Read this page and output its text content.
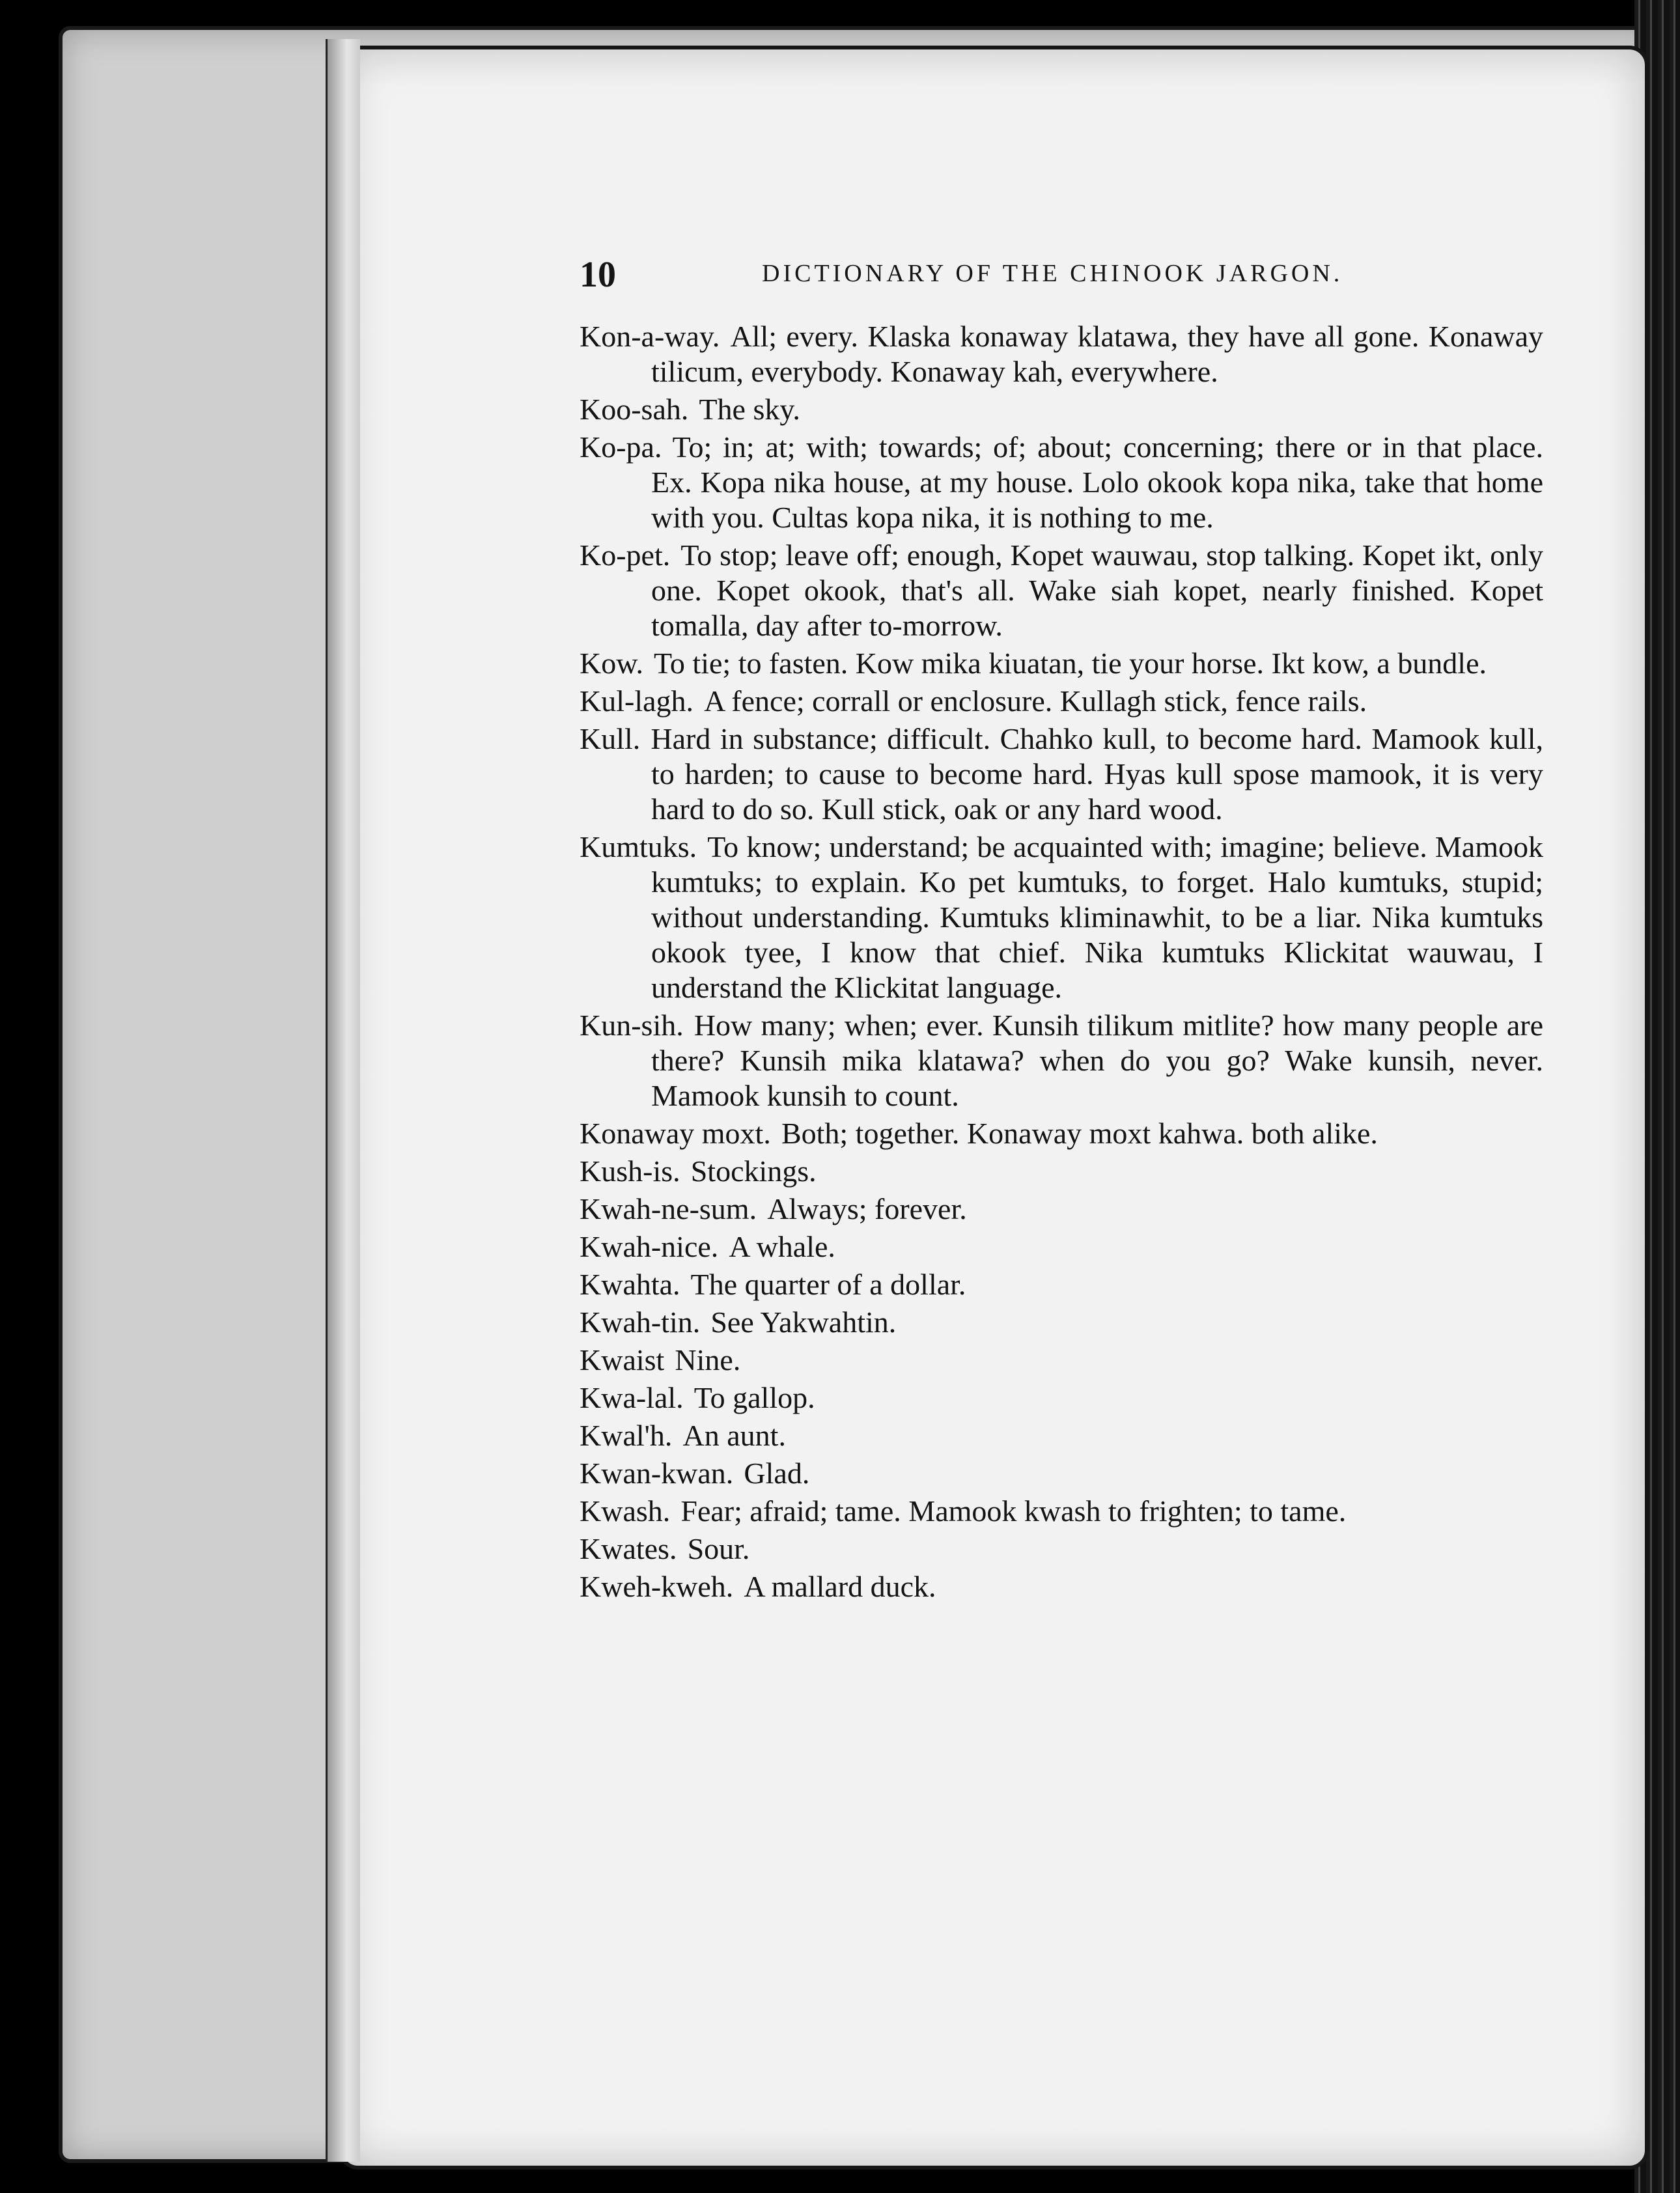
10	DICTIONARY OF THE CHINOOK JARGON.

Kon-a-way. All; every. Klaska konaway klatawa, they have all gone. Konaway tilicum, everybody. Konaway kah, everywhere.

Koo-sah. The sky.

Ko-pa. To; in; at; with; towards; of; about; concerning; there or in that place. Ex. Kopa nika house, at my house. Lolo okook kopa nika, take that home with you. Cultas kopa nika, it is nothing to me.

Ko-pet. To stop; leave off; enough, Kopet wauwau, stop talking. Kopet ikt, only one. Kopet okook, that's all. Wake siah kopet, nearly finished. Kopet tomalla, day after to-morrow.

Kow. To tie; to fasten. Kow mika kiuatan, tie your horse. Ikt kow, a bundle.

Kul-lagh. A fence; corrall or enclosure. Kullagh stick, fence rails.

Kull. Hard in substance; difficult. Chahko kull, to become hard. Mamook kull, to harden; to cause to become hard. Hyas kull spose mamook, it is very hard to do so. Kull stick, oak or any hard wood.

Kumtuks. To know; understand; be acquainted with; imagine; believe. Mamook kumtuks; to explain. Ko pet kumtuks, to forget. Halo kumtuks, stupid; without understanding. Kumtuks kliminawhit, to be a liar. Nika kumtuks okook tyee, I know that chief. Nika kumtuks Klickitat wauwau, I understand the Klickitat language.

Kun-sih. How many; when; ever. Kunsih tilikum mitlite? how many people are there? Kunsih mika klatawa? when do you go? Wake kunsih, never. Mamook kunsih to count.

Konaway moxt. Both; together. Konaway moxt kahwa. both alike.

Kush-is. Stockings.

Kwah-ne-sum. Always; forever.

Kwah-nice. A whale.

Kwahta. The quarter of a dollar.

Kwah-tin. See Yakwahtin.

Kwaist Nine.

Kwa-lal. To gallop.

Kwal'h. An aunt.

Kwan-kwan. Glad.

Kwash. Fear; afraid; tame. Mamook kwash to frighten; to tame.

Kwates. Sour.

Kweh-kweh. A mallard duck.
